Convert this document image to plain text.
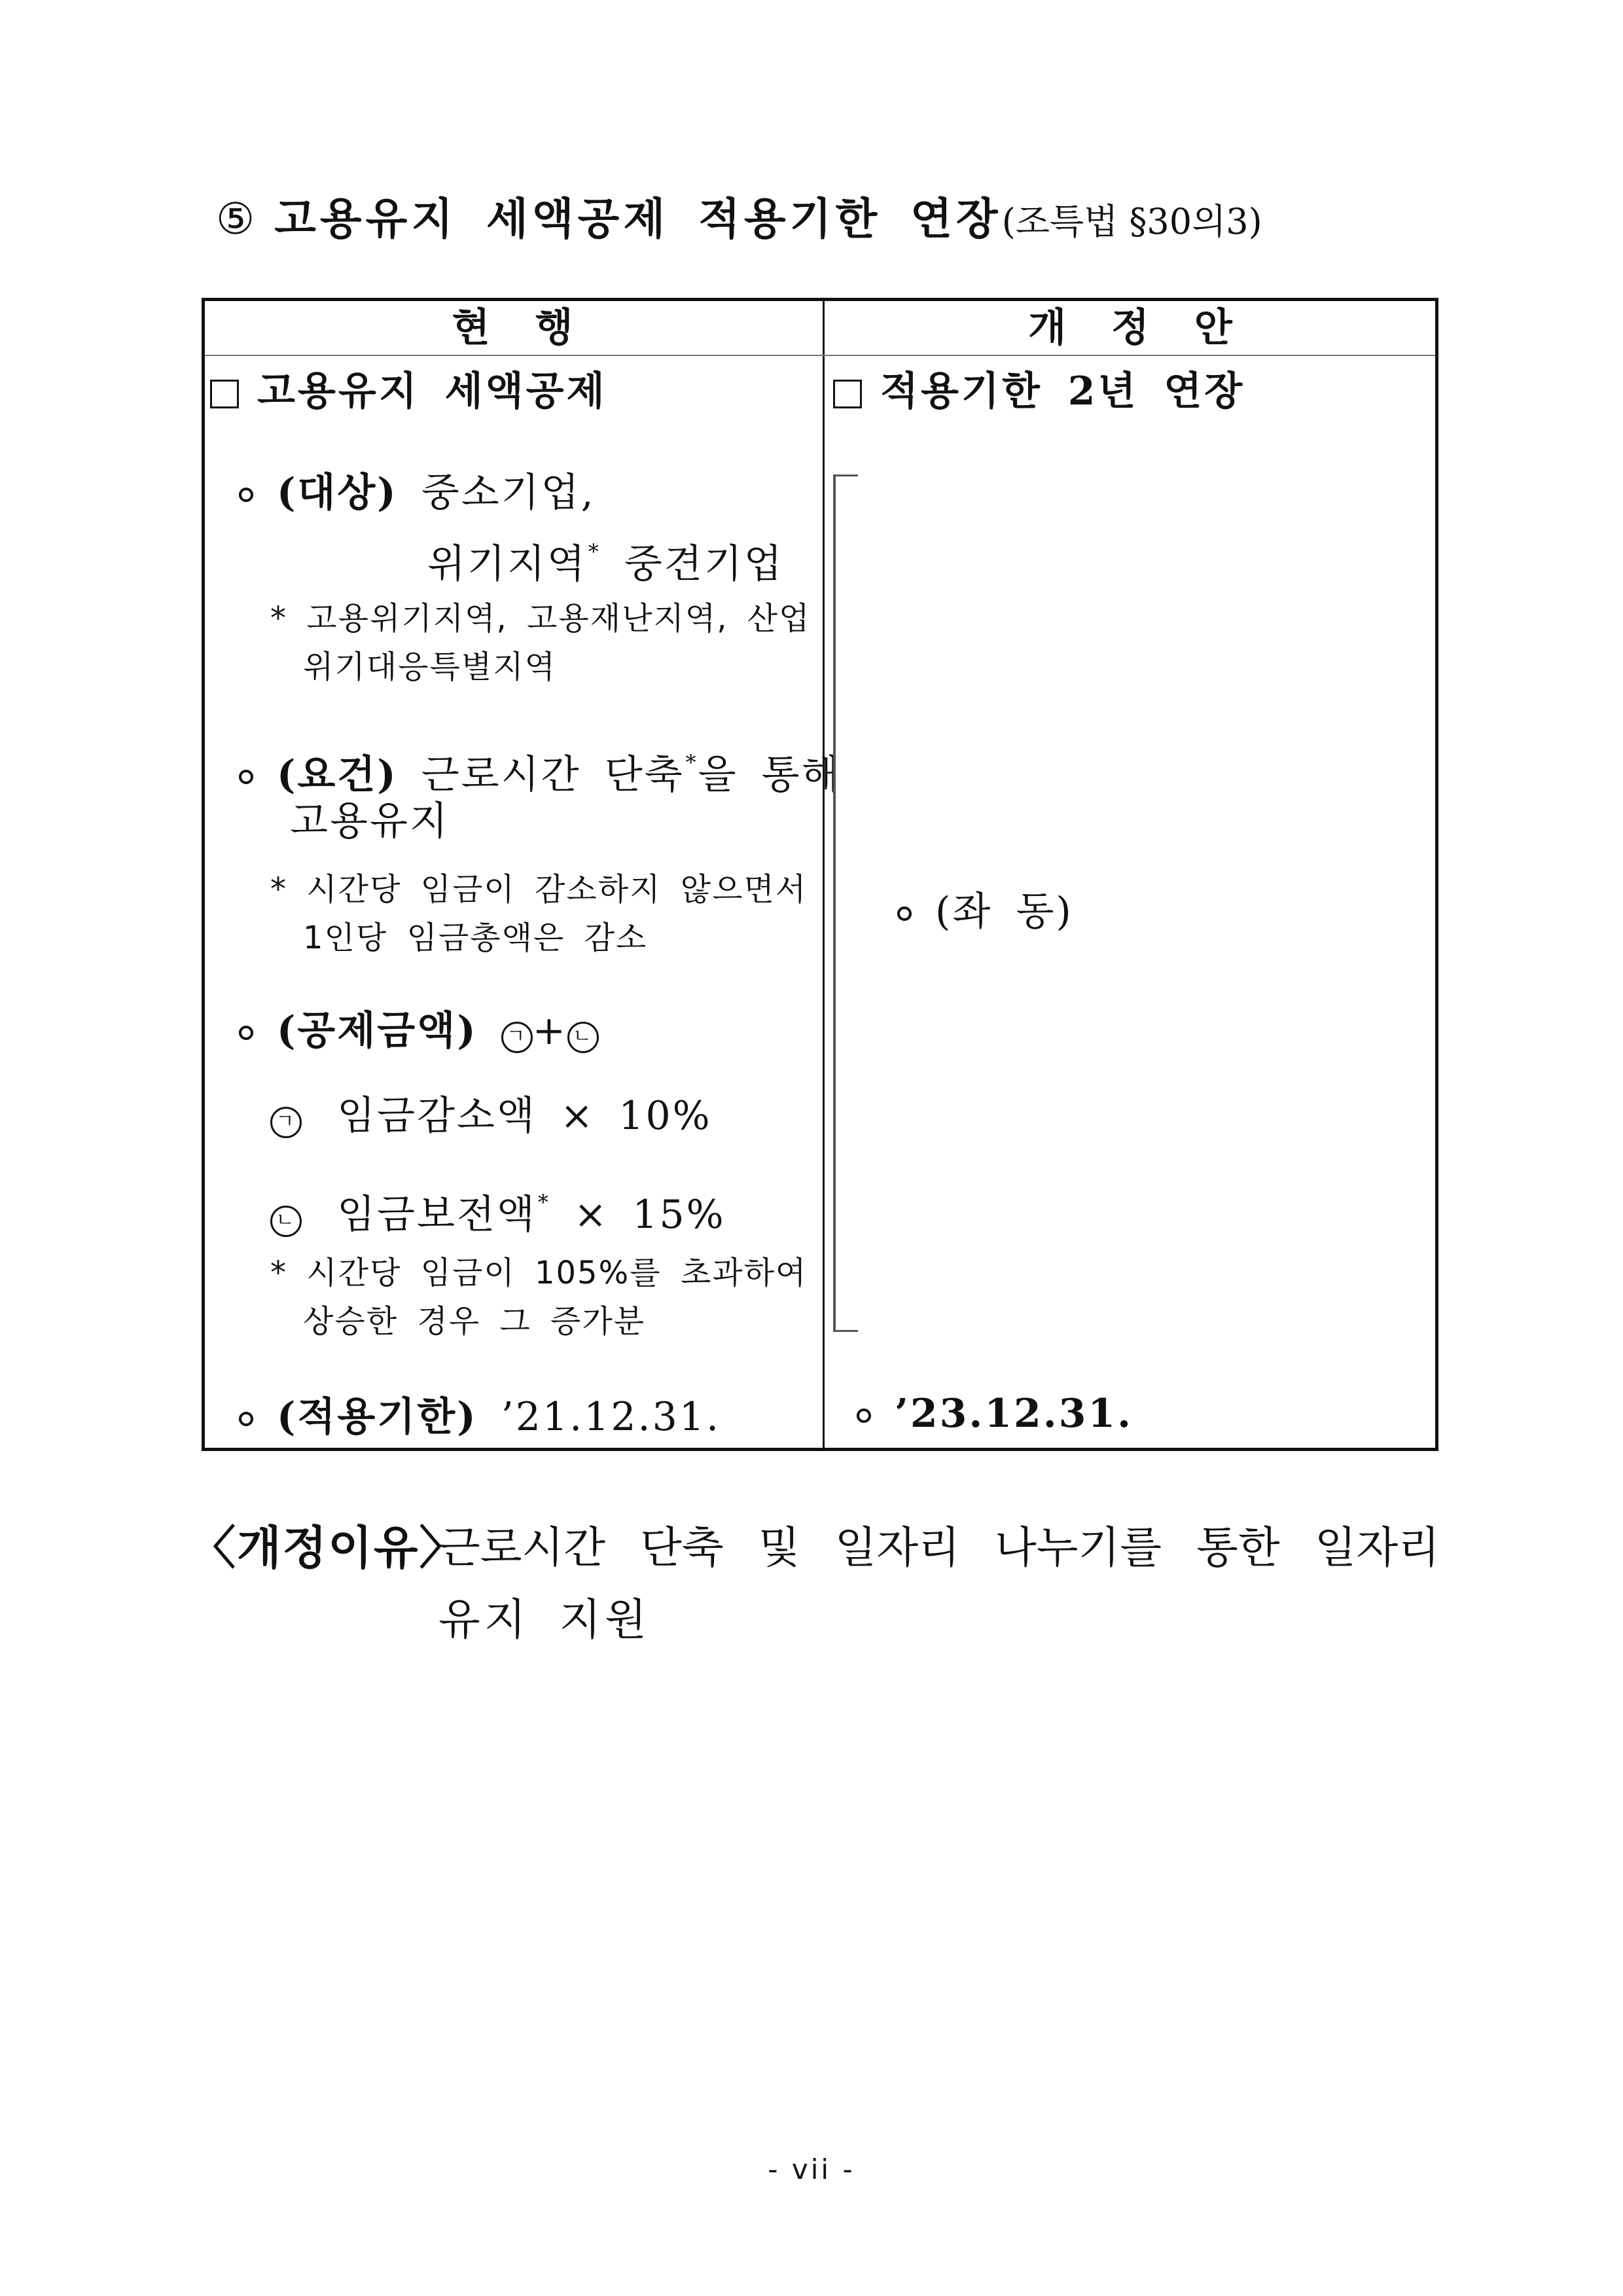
⑤ 고용유지 세액공제 적용기한 연장(조특법 §30의3)
현 행	개 정 안
고용유지 세액공제
(대상) 중소기업,
위기지역* 중견기업
* 고용위기지역, 고용재난지역, 산업
위기대응특별지역
(요건) 근로시간 단축*을 통해
고용유지
* 시간당 임금이 감소하지 않으면서
1인당 임금총액은 감소
(공제금액) ㄱ + ㄴ
ㄱ 임금감소액 × 10%
ㄴ 임금보전액* × 15%
* 시간당 임금이 105%를 초과하여
상승한 경우 그 증가분
(적용기한) ’21.12.31.
적용기한 2년 연장
(좌 동)
’23.12.31.
〈개정이유〉
근로시간 단축 및 일자리 나누기를 통한 일자리
유지 지원
- vii -
